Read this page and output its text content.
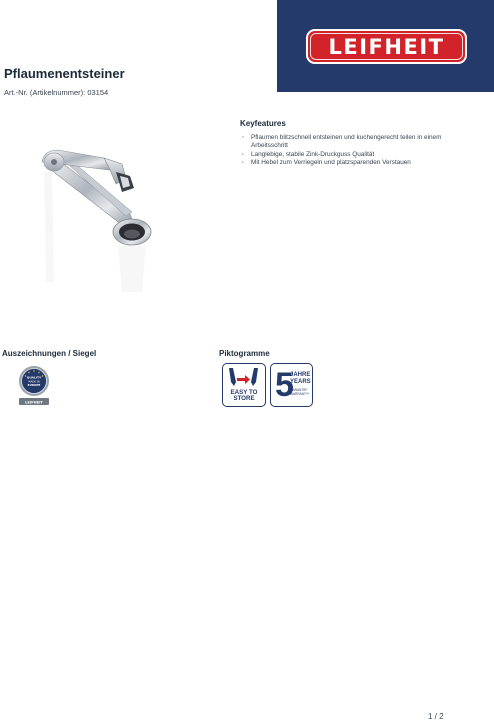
LEIFHEIT
Pflaumenentsteiner
Art.-Nr. (Artikelnummer): 03154
Keyfeatures
· Pflaumen blitzschnell entsteinen und kuchengerecht teilen in einem
Arbeitsschritt
· Langlebige, stabile Zink-Druckguss Qualität
· Mit Hebel zum Verriegeln und platzsparenden Verstauen
Auszeichnungen / Siegel	Piktogramme
QUALITY
MADE IN
EUROPE
LEIFHEIT
EASY TO
STORE 5
JAHRE
YEARS
GARANTIE*
WARRANTY*
1 / 2
